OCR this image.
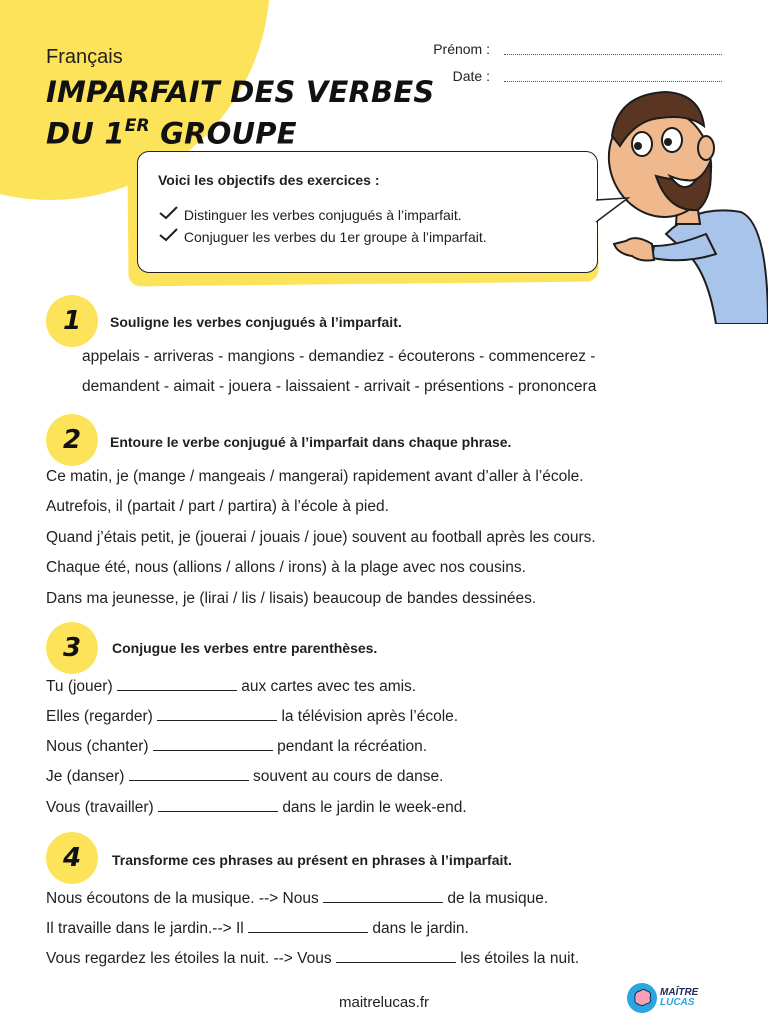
Français
IMPARFAIT DES VERBES
DU 1ER GROUPE
Prénom :
Date :
Voici les objectifs des exercices :
Distinguer les verbes conjugués à l’imparfait.
Conjuguer les verbes du 1er groupe à l’imparfait.
1	Souligne les verbes conjugués à l’imparfait.
appelais - arriveras - mangions - demandiez - écouterons - commencerez -
demandent - aimait - jouera - laissaient - arrivait - présentions - prononcera
2	Entoure le verbe conjugué à l’imparfait dans chaque phrase.
Ce matin, je (mange / mangeais / mangerai) rapidement avant d’aller à l’école.
Autrefois, il (partait / part / partira) à l’école à pied.
Quand j’étais petit, je (jouerai / jouais / joue) souvent au football après les cours.
Chaque été, nous (allions / allons / irons) à la plage avec nos cousins.
Dans ma jeunesse, je (lirai / lis / lisais) beaucoup de bandes dessinées.
3	Conjugue les verbes entre parenthèses.
Tu (jouer)	aux cartes avec tes amis.
Elles (regarder)	la télévision après l’école.
Nous (chanter)	pendant la récréation.
Je (danser)	souvent au cours de danse.
Vous (travailler)	dans le jardin le week-end.
4	Transforme ces phrases au présent en phrases à l’imparfait.
Nous écoutons de la musique. --> Nous	de la musique.
Il travaille dans le jardin.--> Il	dans le jardin.
Vous regardez les étoiles la nuit. --> Vous	les étoiles la nuit.
maitrelucas.fr
MAÎTRE
LUCAS
